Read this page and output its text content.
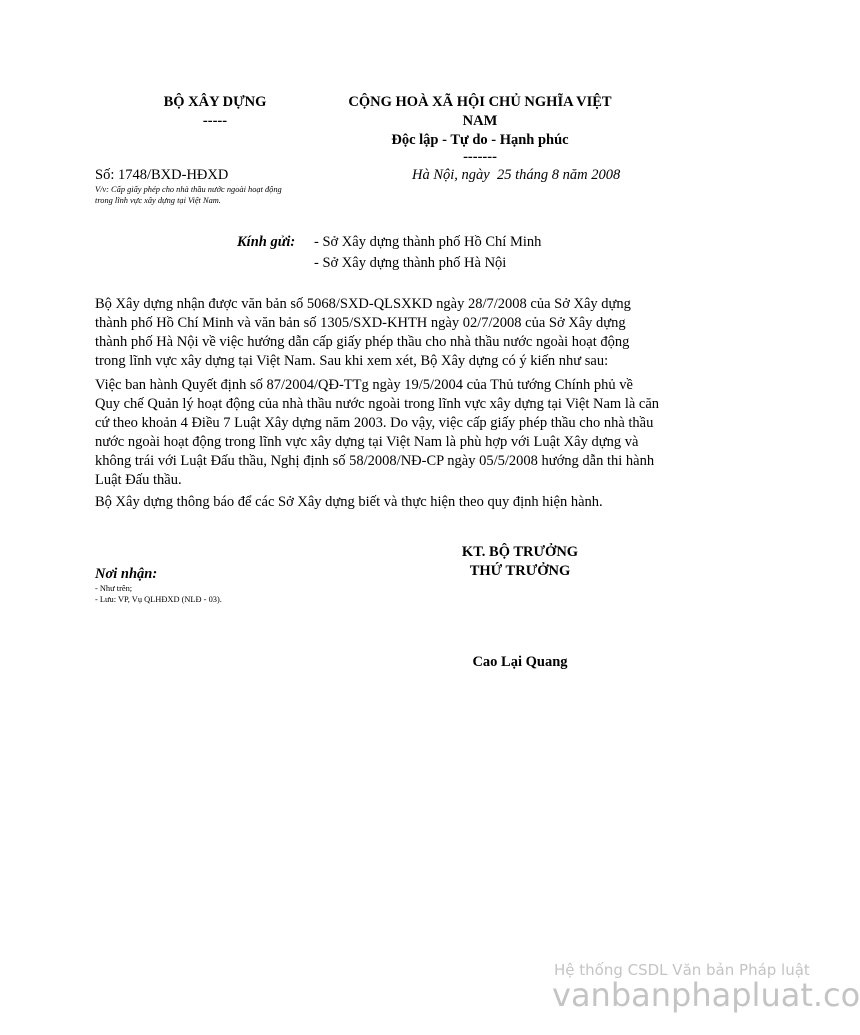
BỘ XÂY DỰNG
-----
CỘNG HOÀ XÃ HỘI CHỦ NGHĨA VIỆT
NAM
Độc lập - Tự do - Hạnh phúc
-------
Số: 1748/BXD-HĐXD
V/v: Cấp giấy phép cho nhà thầu nước ngoài hoạt động
trong lĩnh vực xây dựng tại Việt Nam.
Hà Nội, ngày  25 tháng 8 năm 2008
Kính gửi: - Sở Xây dựng thành phố Hồ Chí Minh
- Sở Xây dựng thành phố Hà Nội
Bộ Xây dựng nhận được văn bản số 5068/SXD-QLSXKD ngày 28/7/2008 của Sở Xây dựng
thành phố Hồ Chí Minh và văn bản số 1305/SXD-KHTH ngày 02/7/2008 của Sở Xây dựng
thành phố Hà Nội về việc hướng dẫn cấp giấy phép thầu cho nhà thầu nước ngoài hoạt động
trong lĩnh vực xây dựng tại Việt Nam. Sau khi xem xét, Bộ Xây dựng có ý kiến như sau:
Việc ban hành Quyết định số 87/2004/QĐ-TTg ngày 19/5/2004 của Thủ tướng Chính phủ về
Quy chế Quản lý hoạt động của nhà thầu nước ngoài trong lĩnh vực xây dựng tại Việt Nam là căn
cứ theo khoản 4 Điều 7 Luật Xây dựng năm 2003. Do vậy, việc cấp giấy phép thầu cho nhà thầu
nước ngoài hoạt động trong lĩnh vực xây dựng tại Việt Nam là phù hợp với Luật Xây dựng và
không trái với Luật Đấu thầu, Nghị định số 58/2008/NĐ-CP ngày 05/5/2008 hướng dẫn thi hành
Luật Đấu thầu.
Bộ Xây dựng thông báo để các Sở Xây dựng biết và thực hiện theo quy định hiện hành.
KT. BỘ TRƯỞNG
THỨ TRƯỞNG
Nơi nhận:
- Như trên;
- Lưu: VP, Vụ QLHĐXD (NLĐ - 03).
Cao Lại Quang
Hệ thống CSDL Văn bản Pháp luật
vanbanphapluat.co
